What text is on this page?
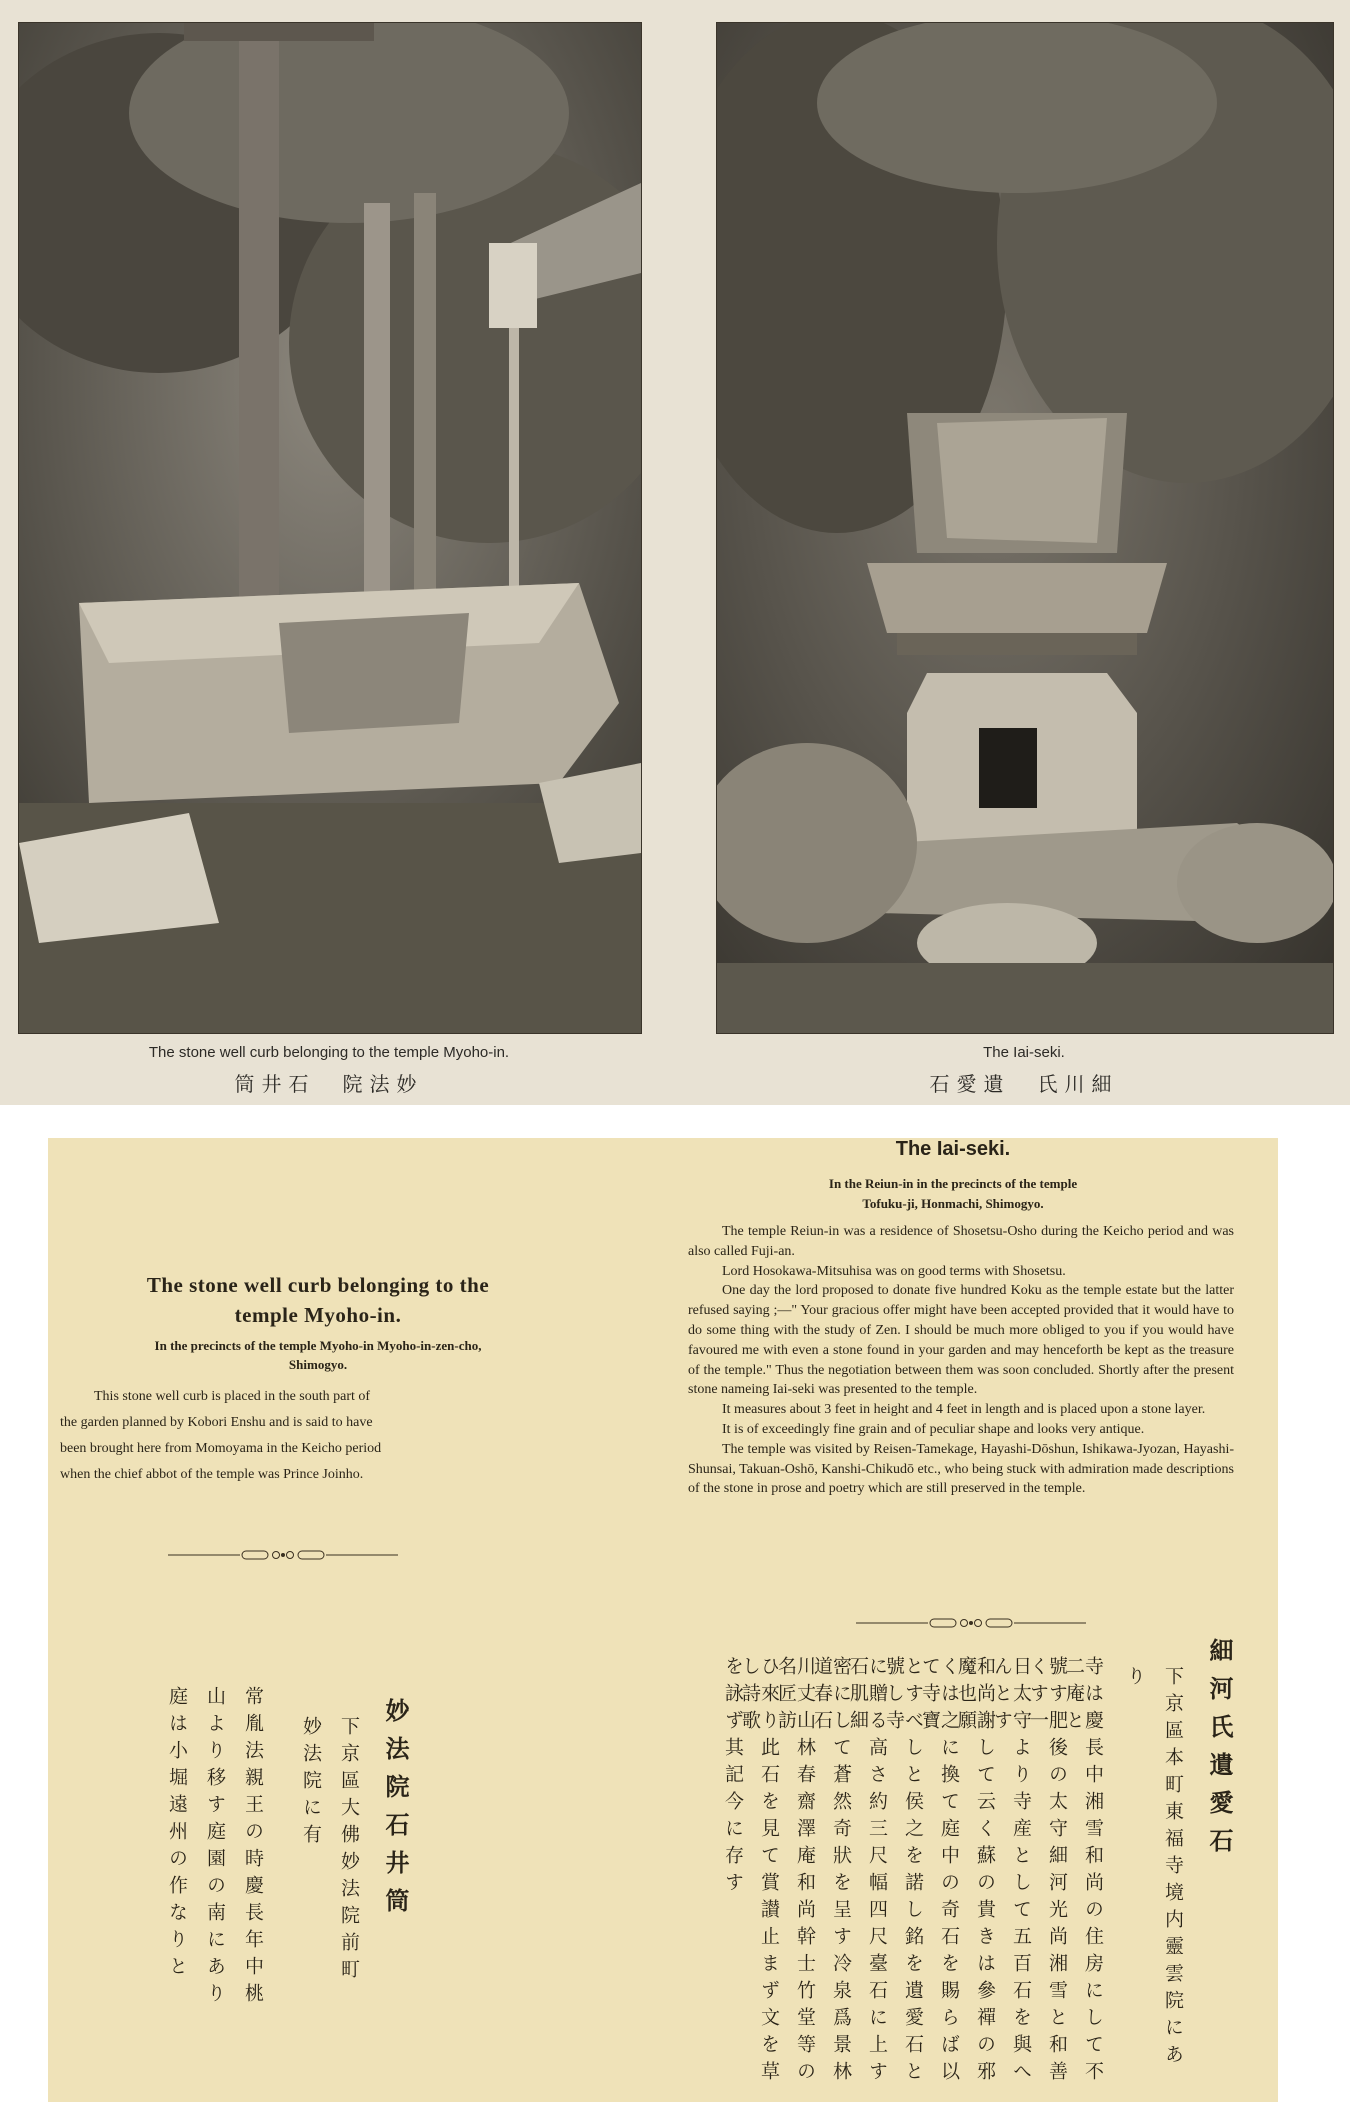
The stone well curb belonging to the temple Myoho-in.
筒井石　院法妙
The Iai-seki.
石愛遺　氏川細
The stone well curb belonging to the
temple Myoho-in.
In the precincts of the temple Myoho-in Myoho-in-zen-cho,
Shimogyo.
This stone well curb is placed in the south part of
the garden planned by Kobori Enshu and is said to have
been brought here from Momoyama in the Keicho period
when the chief abbot of the temple was Prince Joinho.
妙法院石井筒
下京區大佛妙法院前町
妙法院に有
常胤法親王の時慶長年中桃
山より移す庭園の南にあり
庭は小堀遠州の作なりと
The Iai-seki.
In the Reiun-in in the precincts of the temple
Tofuku-ji, Honmachi, Shimogyo.

The temple Reiun-in was a residence of Shosetsu-Osho during the Keicho period and was also called Fuji-an.

Lord Hosokawa-Mitsuhisa was on good terms with Shosetsu.

One day the lord proposed to donate five hundred Koku as the temple estate but the latter refused saying ;—" Your gracious offer might have been accepted provided that it would have to do some thing with the study of Zen. I should be much more obliged to you if you would have favoured me with even a stone found in your garden and may henceforth be kept as the treasure of the temple." Thus the negotiation between them was soon concluded. Shortly after the present stone nameing Iai-seki was presented to the temple.

It measures about 3 feet in height and 4 feet in length and is placed upon a stone layer.

It is of exceedingly fine grain and of peculiar shape and looks very antique.

The temple was visited by Reisen-Tamekage, Hayashi-Dōshun, Ishikawa-Jyozan, Hayashi-Shunsai, Takuan-Oshō, Kanshi-Chikudō etc., who being stuck with admiration made descriptions of the stone in prose and poetry which are still preserved in the temple.

細河氏遺愛石
下京區本町東福寺境内靈雲院にあ
り
寺は慶長中湘雪和尚の住房にして不二庵と
號す肥後の太守細河光尚湘雪と和善くす一
日太守より寺産として五百石を與へんとす
和尚謝して云く蘇の貴きは參禪の邪魔也願
くは之に換て庭中の奇石を賜らば以て寺寶
とすべしと侯之を諾し銘を遺愛石と號し寺
に贈る高さ約三尺幅四尺臺石に上す石肌細
密にして蒼然奇狀を呈す冷泉爲景林道春石
川丈山林春齋澤庵和尚幹士竹堂等の名匠訪
ひ來り此石を見て賞讃止まず文を草し詩歌
を詠ず其記今に存す
